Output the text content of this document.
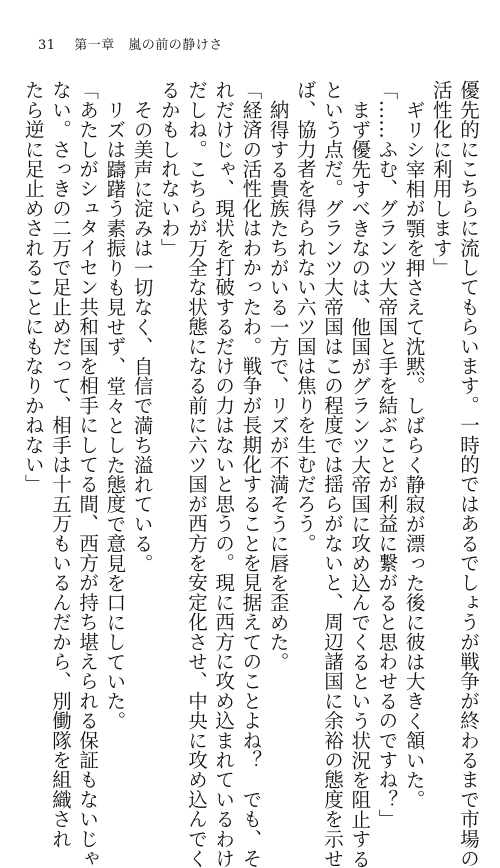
31 第一章　嵐の前の静けさ
優先的にこちらに流してもらいます。一時的ではあるでしょうが戦争が終わるまで市場の
活性化に利用します」
ギリシ宰相が顎を押さえて沈黙。しばらく静寂が漂った後に彼は大きく頷いた。
「……ふむ、グランツ大帝国と手を結ぶことが利益に繋がると思わせるのですね？」
まず優先すべきなのは、他国がグランツ大帝国に攻め込んでくるという状況を阻止する
という点だ。グランツ大帝国はこの程度では揺らがないと、周辺諸国に余裕の態度を示せ
ば、協力者を得られない六ツ国は焦りを生むだろう。
納得する貴族たちがいる一方で、リズが不満そうに唇を歪めた。
「経済の活性化はわかったわ。戦争が長期化することを見据えてのことよね？　でも、そ
れだけじゃ、現状を打破するだけの力はないと思うの。現に西方に攻め込まれているわけ
だしね。こちらが万全な状態になる前に六ツ国が西方を安定化させ、中央に攻め込んでく
るかもしれないわ」
その美声に淀みは一切なく、自信で満ち溢れている。
リズは躊躇う素振りも見せず、堂々とした態度で意見を口にしていた。
「あたしがシュタイセン共和国を相手にしてる間、西方が持ち堪えられる保証もないじゃ
ない。さっきの二万で足止めだって、相手は十五万もいるんだから、別働隊を組織され
たら逆に足止めされることにもなりかねない」
